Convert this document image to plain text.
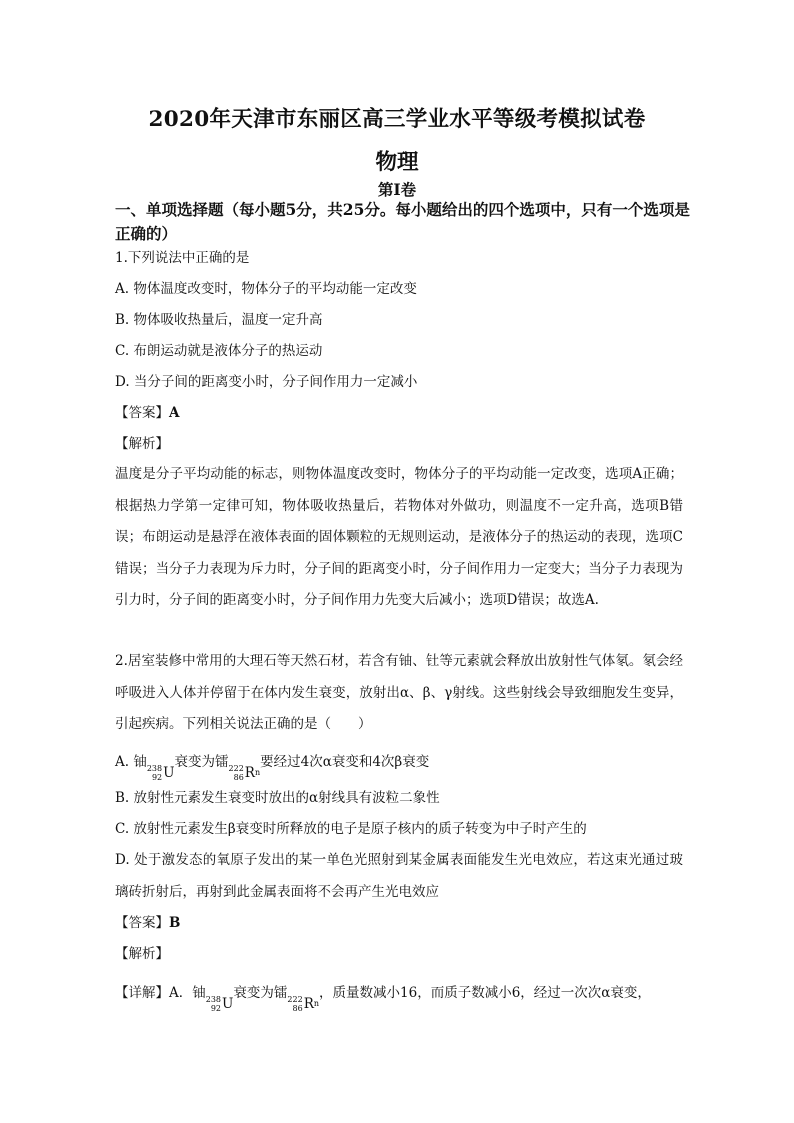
2020年天津市东丽区高三学业水平等级考模拟试卷
物理
第Ⅰ卷
一、单项选择题（每小题5分，共25分。每小题给出的四个选项中，只有一个选项是正确的）
1.下列说法中正确的是
A. 物体温度改变时，物体分子的平均动能一定改变
B. 物体吸收热量后，温度一定升高
C. 布朗运动就是液体分子的热运动
D. 当分子间的距离变小时，分子间作用力一定减小
【答案】A
【解析】
温度是分子平均动能的标志，则物体温度改变时，物体分子的平均动能一定改变，选项A正确；根据热力学第一定律可知，物体吸收热量后，若物体对外做功，则温度不一定升高，选项B错误；布朗运动是悬浮在液体表面的固体颗粒的无规则运动，是液体分子的热运动的表现，选项C错误；当分子力表现为斥力时，分子间的距离变小时，分子间作用力一定变大；当分子力表现为引力时，分子间的距离变小时，分子间作用力先变大后减小；选项D错误；故选A.
2.居室装修中常用的大理石等天然石材，若含有铀、钍等元素就会释放出放射性气体氡。氡会经呼吸进入人体并停留于在体内发生衰变，放射出α、β、γ射线。这些射线会导致细胞发生变异，引起疾病。下列相关说法正确的是（　　）
A. 铀 238
92 U
衰变为镭 222
86 R n
要经过4次α衰变和4次β衰变
B. 放射性元素发生衰变时放出的α射线具有波粒二象性
C. 放射性元素发生β衰变时所释放的电子是原子核内的质子转变为中子时产生的
D. 处于激发态的氧原子发出的某一单色光照射到某金属表面能发生光电效应，若这束光通过玻璃砖折射后，再射到此金属表面将不会再产生光电效应
【答案】B
【解析】
【详解】A．铀 238
92 U
衰变为镭 222
86 R n
，质量数减小16，而质子数减小6，经过一次次α衰变，
